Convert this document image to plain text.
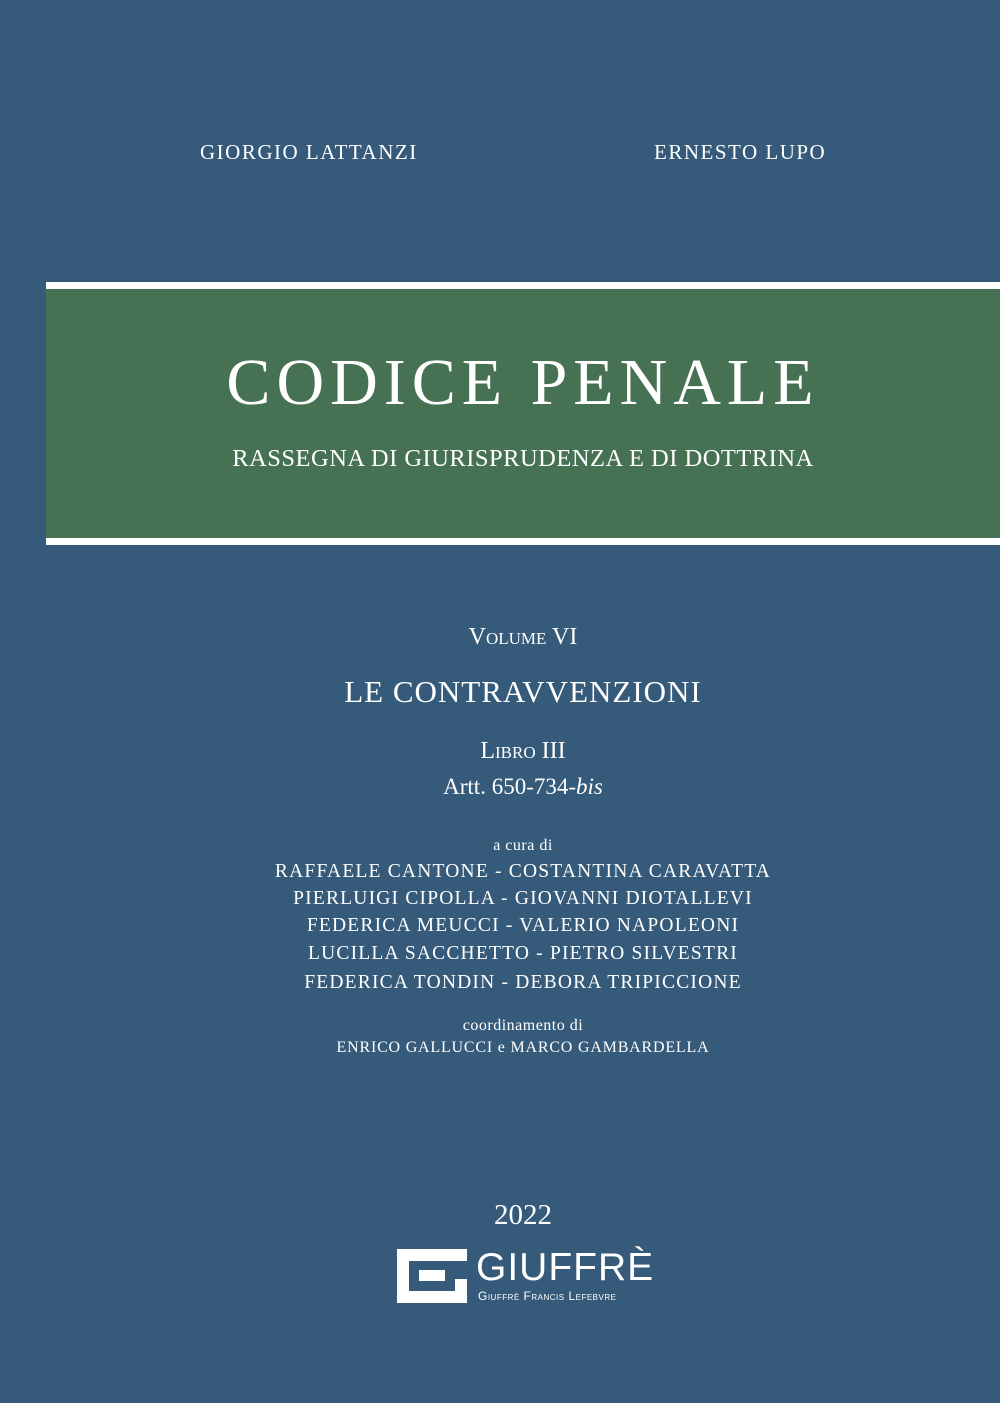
GIORGIO LATTANZI	ERNESTO LUPO
CODICE PENALE
RASSEGNA DI GIURISPRUDENZA E DI DOTTRINA
Volume VI
LE CONTRAVVENZIONI
Libro III
Artt. 650-734-bis
a cura di
RAFFAELE CANTONE - COSTANTINA CARAVATTA
PIERLUIGI CIPOLLA - GIOVANNI DIOTALLEVI
FEDERICA MEUCCI - VALERIO NAPOLEONI
LUCILLA SACCHETTO - PIETRO SILVESTRI
FEDERICA TONDIN - DEBORA TRIPICCIONE
coordinamento di
ENRICO GALLUCCI e MARCO GAMBARDELLA
2022
GIUFFRÈ
Giuffrè Francis Lefebvre
